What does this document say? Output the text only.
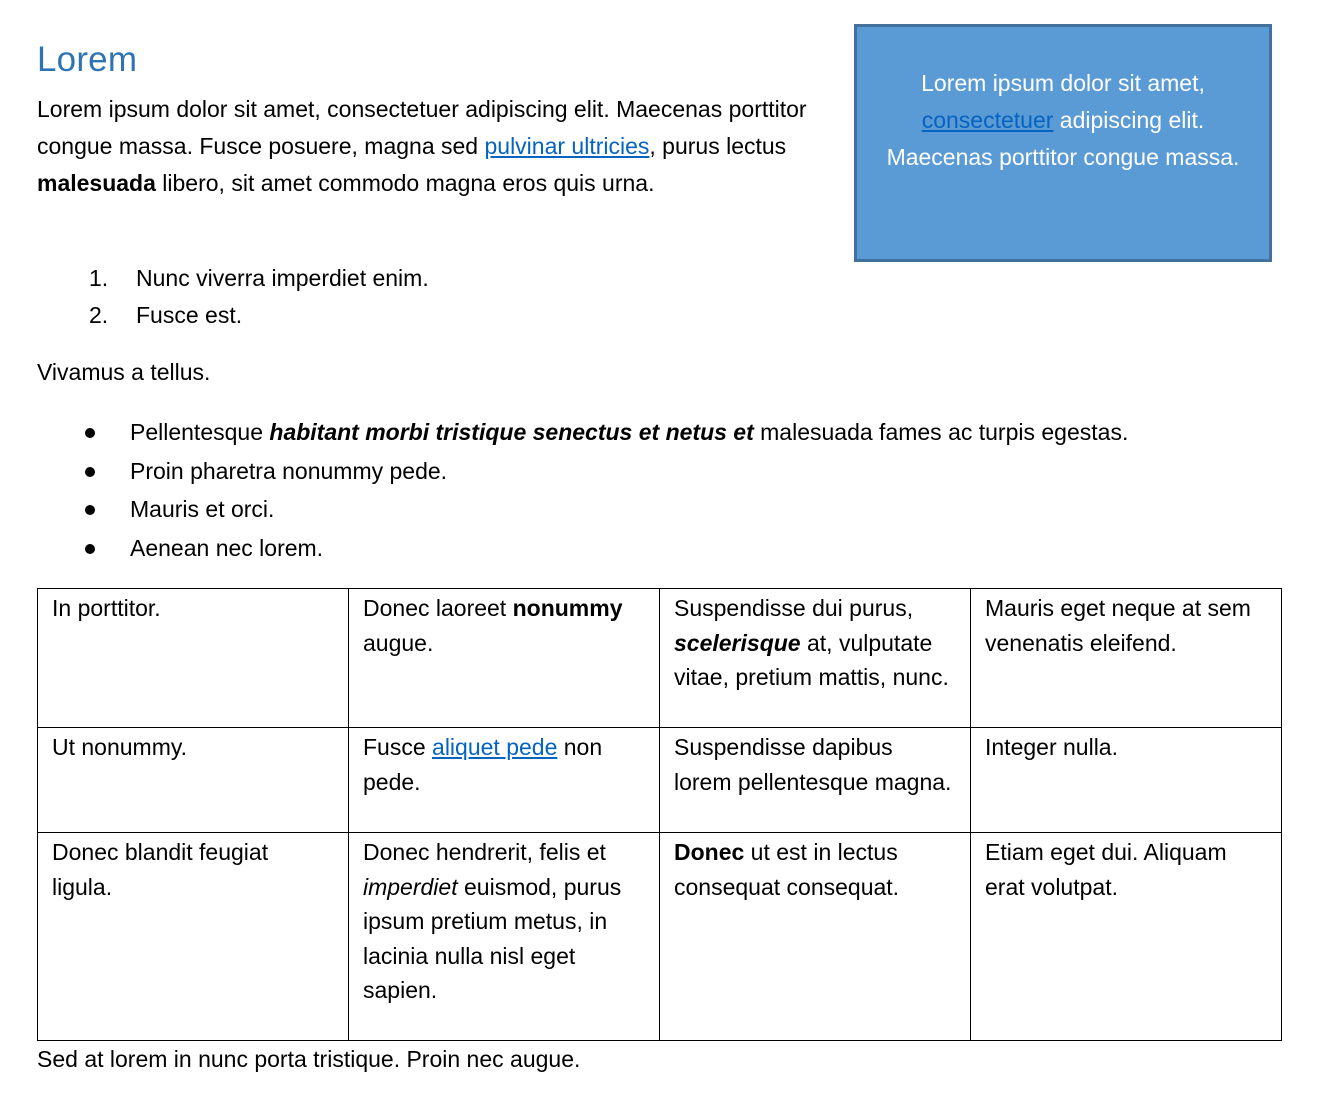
Lorem

Lorem ipsum dolor sit amet, consectetuer adipiscing elit. Maecenas porttitor congue massa. Fusce posuere, magna sed pulvinar ultricies, purus lectus malesuada libero, sit amet commodo magna eros quis urna.

Lorem ipsum dolor sit amet, consectetuer adipiscing elit. Maecenas porttitor congue massa.
1. Nunc viverra imperdiet enim.
2. Fusce est.

Vivamus a tellus.

Pellentesque habitant morbi tristique senectus et netus et malesuada fames ac turpis egestas.
Proin pharetra nonummy pede.
Mauris et orci.
Aenean nec lorem.
In porttitor.	Donec laoreet nonummy augue.	Suspendisse dui purus, scelerisque at, vulputate vitae, pretium mattis, nunc.	Mauris eget neque at sem venenatis eleifend.
Ut nonummy.	Fusce aliquet pede non pede.	Suspendisse dapibus lorem pellentesque magna.	Integer nulla.
Donec blandit feugiat ligula.	Donec hendrerit, felis et imperdiet euismod, purus ipsum pretium metus, in lacinia nulla nisl eget sapien.	Donec ut est in lectus consequat consequat.	Etiam eget dui. Aliquam erat volutpat.

Sed at lorem in nunc porta tristique. Proin nec augue.
